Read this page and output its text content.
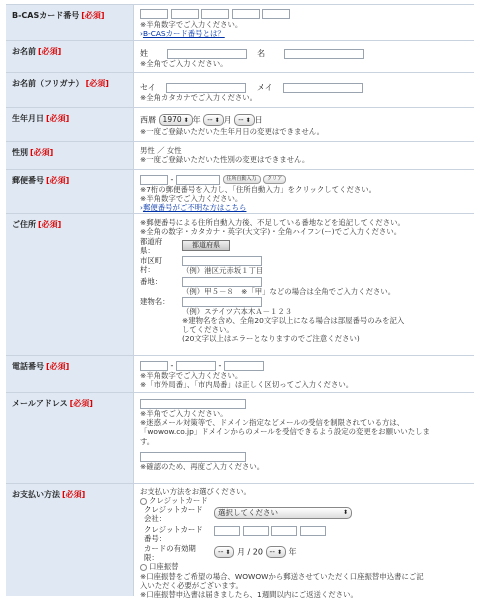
B-CASカード番号 [必須]

※半角数字でご入力ください。
›B-CASカード番号とは？
お名前 [必須]	姓	名
※全角でご入力ください。
お名前（フリガナ） [必須]	セイ	メイ
※全角カタカナでご入力ください。
生年月日 [必須]	西暦 1970 ⬍ 年 -- ⬍ 月 -- ⬍ 日
※一度ご登録いただいた生年月日の変更はできません。
性別 [必須]	男性 ／ 女性
※一度ご登録いただいた性別の変更はできません。
郵便番号 [必須]	-	住所自動入力 クリア
※7桁の郵便番号を入力し、「住所自動入力」をクリックしてください。
※半角数字でご入力ください。
›郵便番号がご不明な方はこちら
ご住所 [必須]	※郵便番号による住所自動入力後、不足している番地などを追記してください。
※全角の数字・カタカナ・英字(大文字)・全角ハイフン(ー)でご入力ください。
都道府県：
都道府県
市区町村：	（例）港区元赤坂１丁目
番地：
（例）甲５－８　※「甲」などの場合は全角でご入力ください。
建物名：
（例）ステイツ六本木Ａ－１２３
※建物名を含め、全角20文字以上になる場合は部屋番号のみを記入
してください。
(20文字以上はエラーとなりますのでご注意ください)
電話番号 [必須]	-	-
※半角数字でご入力ください。
※「市外局番」、「市内局番」は正しく区切ってご入力ください。
メールアドレス [必須]
※半角でご入力ください。
※迷惑メール対策等で、ドメイン指定などメールの受信を制限されている方は、
「wowow.co.jp」ドメインからのメールを受信できるよう設定の変更をお願いいたしま
す。
※確認のため、再度ご入力ください。
お支払い方法 [必須]	お支払い方法をお選びください。
クレジットカード
クレジットカード会社：
選択してください	⬍
クレジットカード番号：

カードの有効期限：
-- ⬍ 月 / 20 -- ⬍ 年
口座振替
※口座振替をご希望の場合、WOWOWから郵送させていただく口座振替申込書にご記
入いただく必要がございます。
※口座振替申込書は届きましたら、1週間以内にご返送ください。
